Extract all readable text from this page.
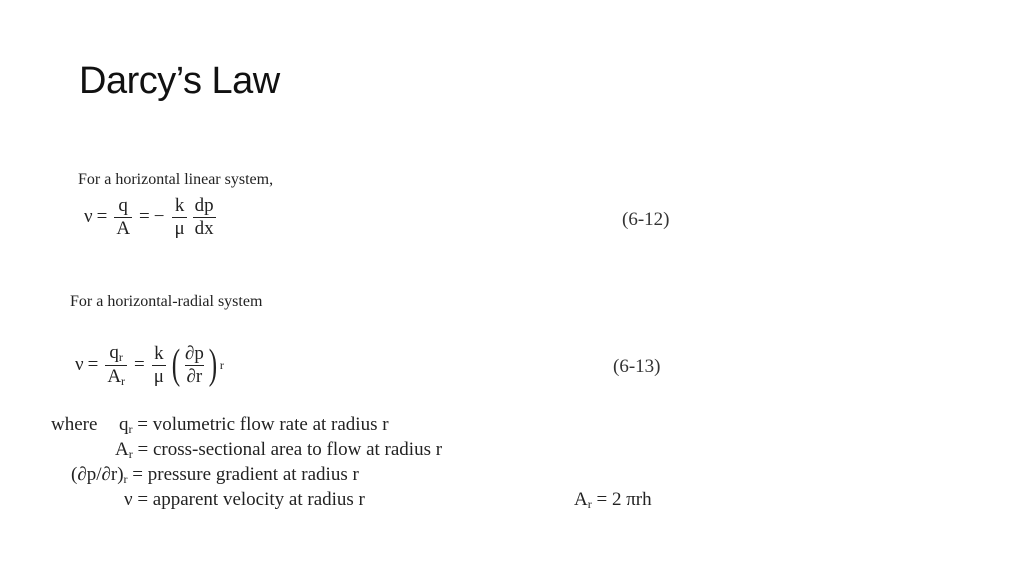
Darcy’s Law
For a horizontal linear system,
$\nu = \frac{q}{A}$ = − $\frac{k}{\mu} \frac{dp}{dx}$	(6-12)
For a horizontal-radial system
$\nu = \frac{q_r}{A_r} = \frac{k}{\mu}$ ( $\frac{\partial p}{\partial r}$ ) r	(6-13)
where $q_r$ = volumetric flow rate at radius r
$A_r$ = cross-sectional area to flow at radius r
$(\partial p/\partial r)_r$ = pressure gradient at radius r
ν = apparent velocity at radius r	$A_r = 2$ πrh
